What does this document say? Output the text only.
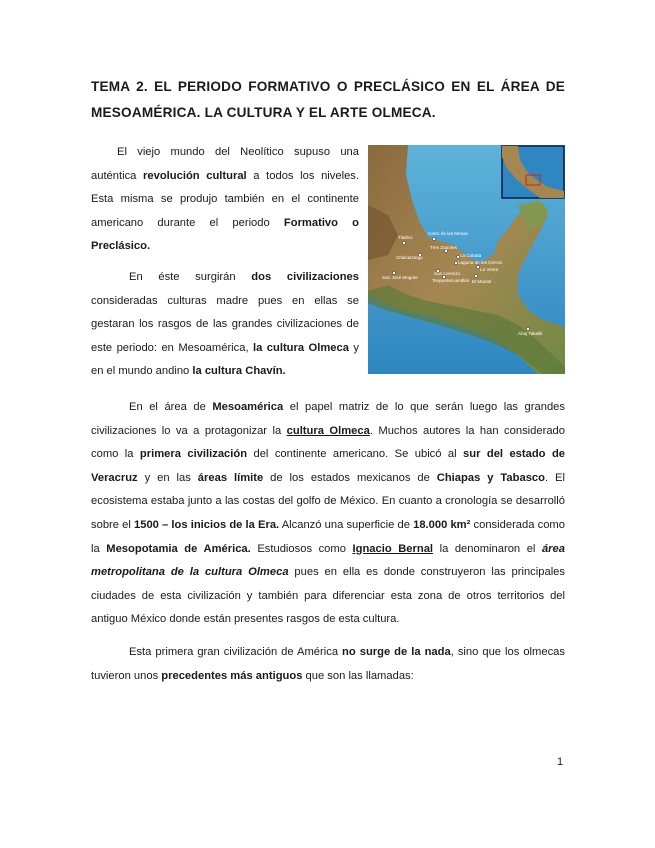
TEMA 2. EL PERIODO FORMATIVO O PRECLÁSICO EN EL ÁREA DE MESOAMÉRICA. LA CULTURA Y EL ARTE OLMECA.
El viejo mundo del Neolítico supuso una auténtica revolución cultural a todos los niveles. Esta misma se produjo también en el continente americano durante el periodo Formativo o Preclásico.
En éste surgirán dos civilizaciones consideradas culturas madre pues en ellas se gestaran los rasgos de las grandes civilizaciones de este periodo: en Mesoamérica, la cultura Olmeca y en el mundo andino la cultura Chavín.
Tlatilco
Cerro de las Mesas
Chalcatzingo
Tres Zapotes
La Cobata
Laguna de los Cerros
La Venta
San Lorenzo
Teopantecuanitlán El Manatí
San José Mogote
Abaj Takalik
En el área de Mesoamérica el papel matriz de lo que serán luego las grandes civilizaciones lo va a protagonizar la cultura Olmeca. Muchos autores la han considerado como la primera civilización del continente americano. Se ubicó al sur del estado de Veracruz y en las áreas límite de los estados mexicanos de Chiapas y Tabasco. El ecosistema estaba junto a las costas del golfo de México. En cuanto a cronología se desarrolló sobre el 1500 – los inicios de la Era. Alcanzó una superficie de 18.000 km² considerada como la Mesopotamia de América. Estudiosos como Ignacio Bernal la denominaron el área metropolitana de la cultura Olmeca pues en ella es donde construyeron las principales ciudades de esta civilización y también para diferenciar esta zona de otros territorios del antiguo México donde están presentes rasgos de esta cultura.
Esta primera gran civilización de América no surge de la nada, sino que los olmecas tuvieron unos precedentes más antiguos que son las llamadas:
1
